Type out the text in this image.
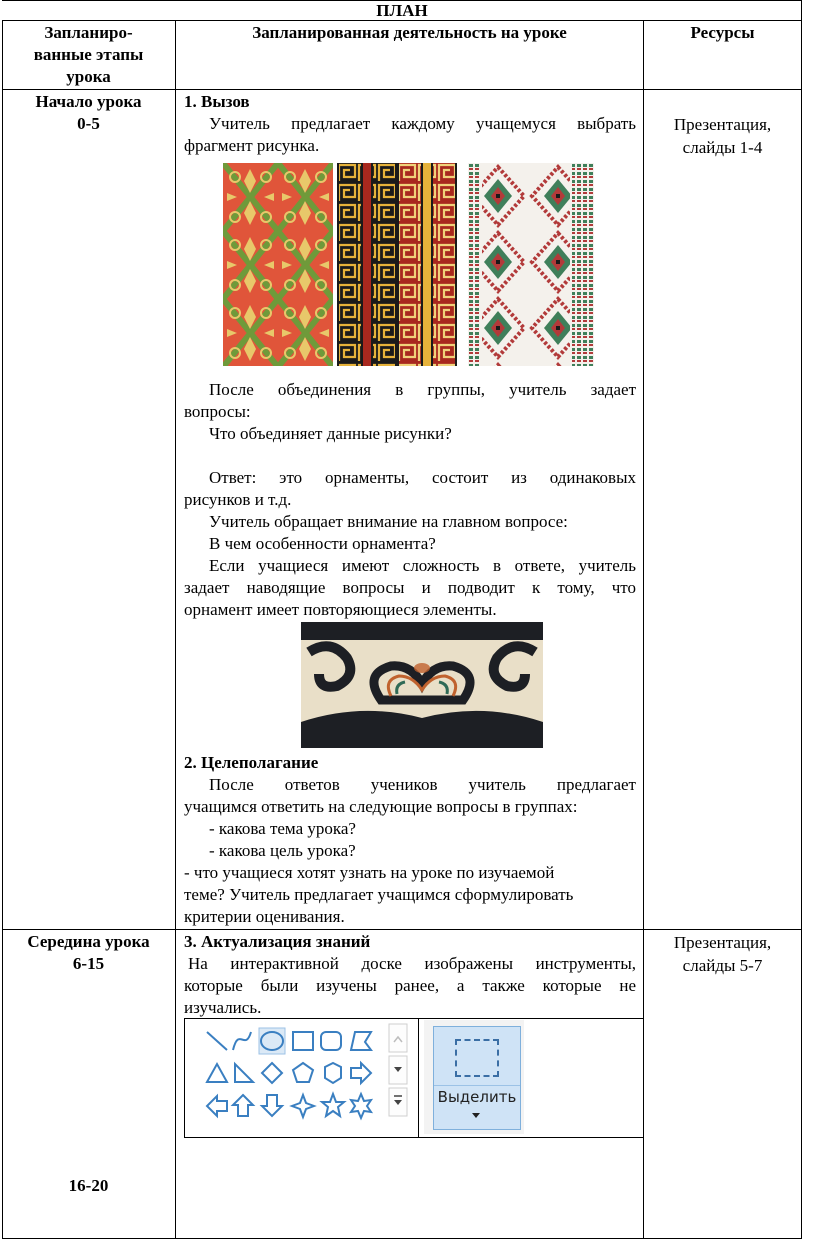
ПЛАН
Запланиро-
ванные этапы
урока
Запланированная деятельность на уроке	Ресурсы
Начало урока
0-5	Презентация,
слайды 1-4
1. Вызов
Учитель предлагает каждому учащемуся выбрать
фрагмент рисунка.
После объединения в группы, учитель задает
вопросы:
Что объединяет данные рисунки?
Ответ: это орнаменты, состоит из одинаковых
рисунков и т.д.
Учитель обращает внимание на главном вопросе:
В чем особенности орнамента?
Если учащиеся имеют сложность в ответе, учитель
задает наводящие вопросы и подводит к тому, что
орнамент имеет повторяющиеся элементы.
2. Целеполагание
После ответов учеников учитель предлагает
учащимся ответить на следующие вопросы в группах:
- какова тема урока?
- какова цель урока?
- что учащиеся хотят узнать на уроке по изучаемой
теме? Учитель предлагает учащимся сформулировать
критерии оценивания.
Середина урока
6-15
16-20
Презентация,
слайды 5-7
3. Актуализация знаний
На интерактивной доске изображены инструменты,
которые были изучены ранее, а также которые не
изучались.
Выделить
